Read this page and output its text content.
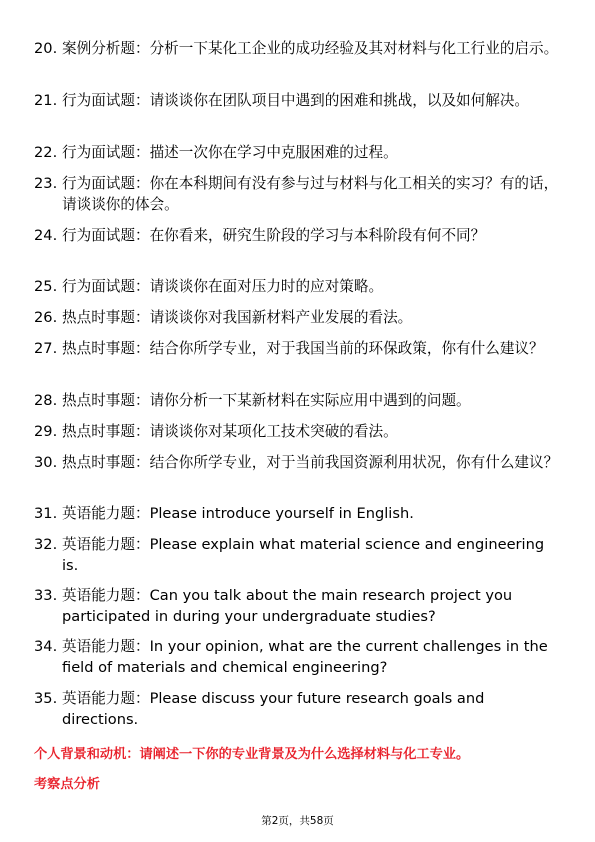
20. 案例分析题：分析一下某化工企业的成功经验及其对材料与化工行业的启示。
21. 行为面试题：请谈谈你在团队项目中遇到的困难和挑战，以及如何解决。
22. 行为面试题：描述一次你在学习中克服困难的过程。
23. 行为面试题：你在本科期间有没有参与过与材料与化工相关的实习？有的话，请谈谈你的体会。
24. 行为面试题：在你看来，研究生阶段的学习与本科阶段有何不同？
25. 行为面试题：请谈谈你在面对压力时的应对策略。
26. 热点时事题：请谈谈你对我国新材料产业发展的看法。
27. 热点时事题：结合你所学专业，对于我国当前的环保政策，你有什么建议？
28. 热点时事题：请你分析一下某新材料在实际应用中遇到的问题。
29. 热点时事题：请谈谈你对某项化工技术突破的看法。
30. 热点时事题：结合你所学专业，对于当前我国资源利用状况，你有什么建议？
31. 英语能力题：Please introduce yourself in English.
32. 英语能力题：Please explain what material science and engineering is.
33. 英语能力题：Can you talk about the main research project you participated in during your undergraduate studies?
34. 英语能力题：In your opinion, what are the current challenges in the field of materials and chemical engineering?
35. 英语能力题：Please discuss your future research goals and directions.
个人背景和动机：请阐述一下你的专业背景及为什么选择材料与化工专业。
考察点分析
第2页，共58页
